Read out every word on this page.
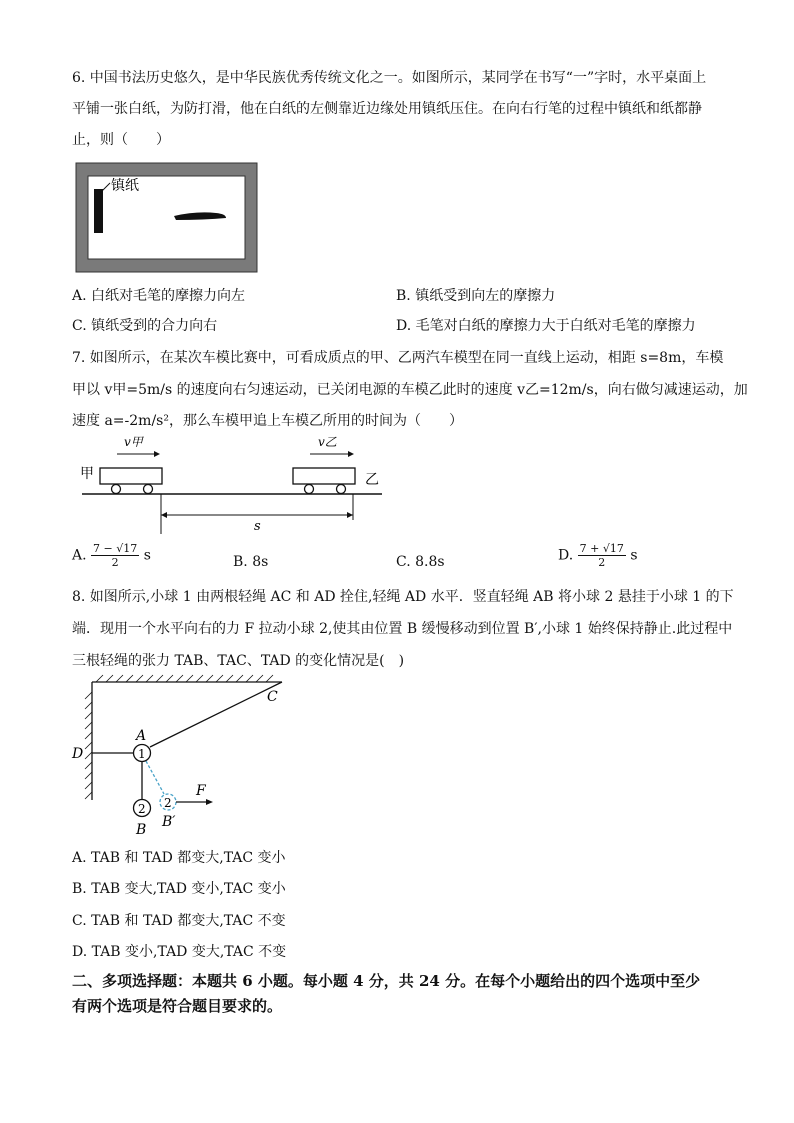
6. 中国书法历史悠久，是中华民族优秀传统文化之一。如图所示，某同学在书写“一”字时，水平桌面上
平铺一张白纸，为防打滑，他在白纸的左侧靠近边缘处用镇纸压住。在向右行笔的过程中镇纸和纸都静
止，则（　　）
镇纸
A. 白纸对毛笔的摩擦力向左	B. 镇纸受到向左的摩擦力
C. 镇纸受到的合力向右	D. 毛笔对白纸的摩擦力大于白纸对毛笔的摩擦力
7. 如图所示，在某次车模比赛中，可看成质点的甲、乙两汽车模型在同一直线上运动，相距 s=8m，车模
甲以 v甲=5m/s 的速度向右匀速运动，已关闭电源的车模乙此时的速度 v乙=12m/s，向右做匀减速运动，加
速度 a=-2m/s²，那么车模甲追上车模乙所用的时间为（　　）
v甲	v乙
甲	乙
s
A. $\frac{7 - √17}{2}$ s	B. 8s	C. 8.8s	D. $\frac{7 + √17}{2}$ s
8. 如图所示,小球 1 由两根轻绳 AC 和 AD 拴住,轻绳 AD 水平．竖直轻绳 AB 将小球 2 悬挂于小球 1 的下
端．现用一个水平向右的力 F 拉动小球 2,使其由位置 B 缓慢移动到位置 B′,小球 1 始终保持静止.此过程中
三根轻绳的张力 TAB、TAC、TAD 的变化情况是(　)
1
2 2
C
A
D
F
B B′
A. TAB 和 TAD 都变大,TAC 变小
B. TAB 变大,TAD 变小,TAC 变小
C. TAB 和 TAD 都变大,TAC 不变
D. TAB 变小,TAD 变大,TAC 不变
二、多项选择题：本题共 6 小题。每小题 4 分，共 24 分。在每个小题给出的四个选项中至少
有两个选项是符合题目要求的。
